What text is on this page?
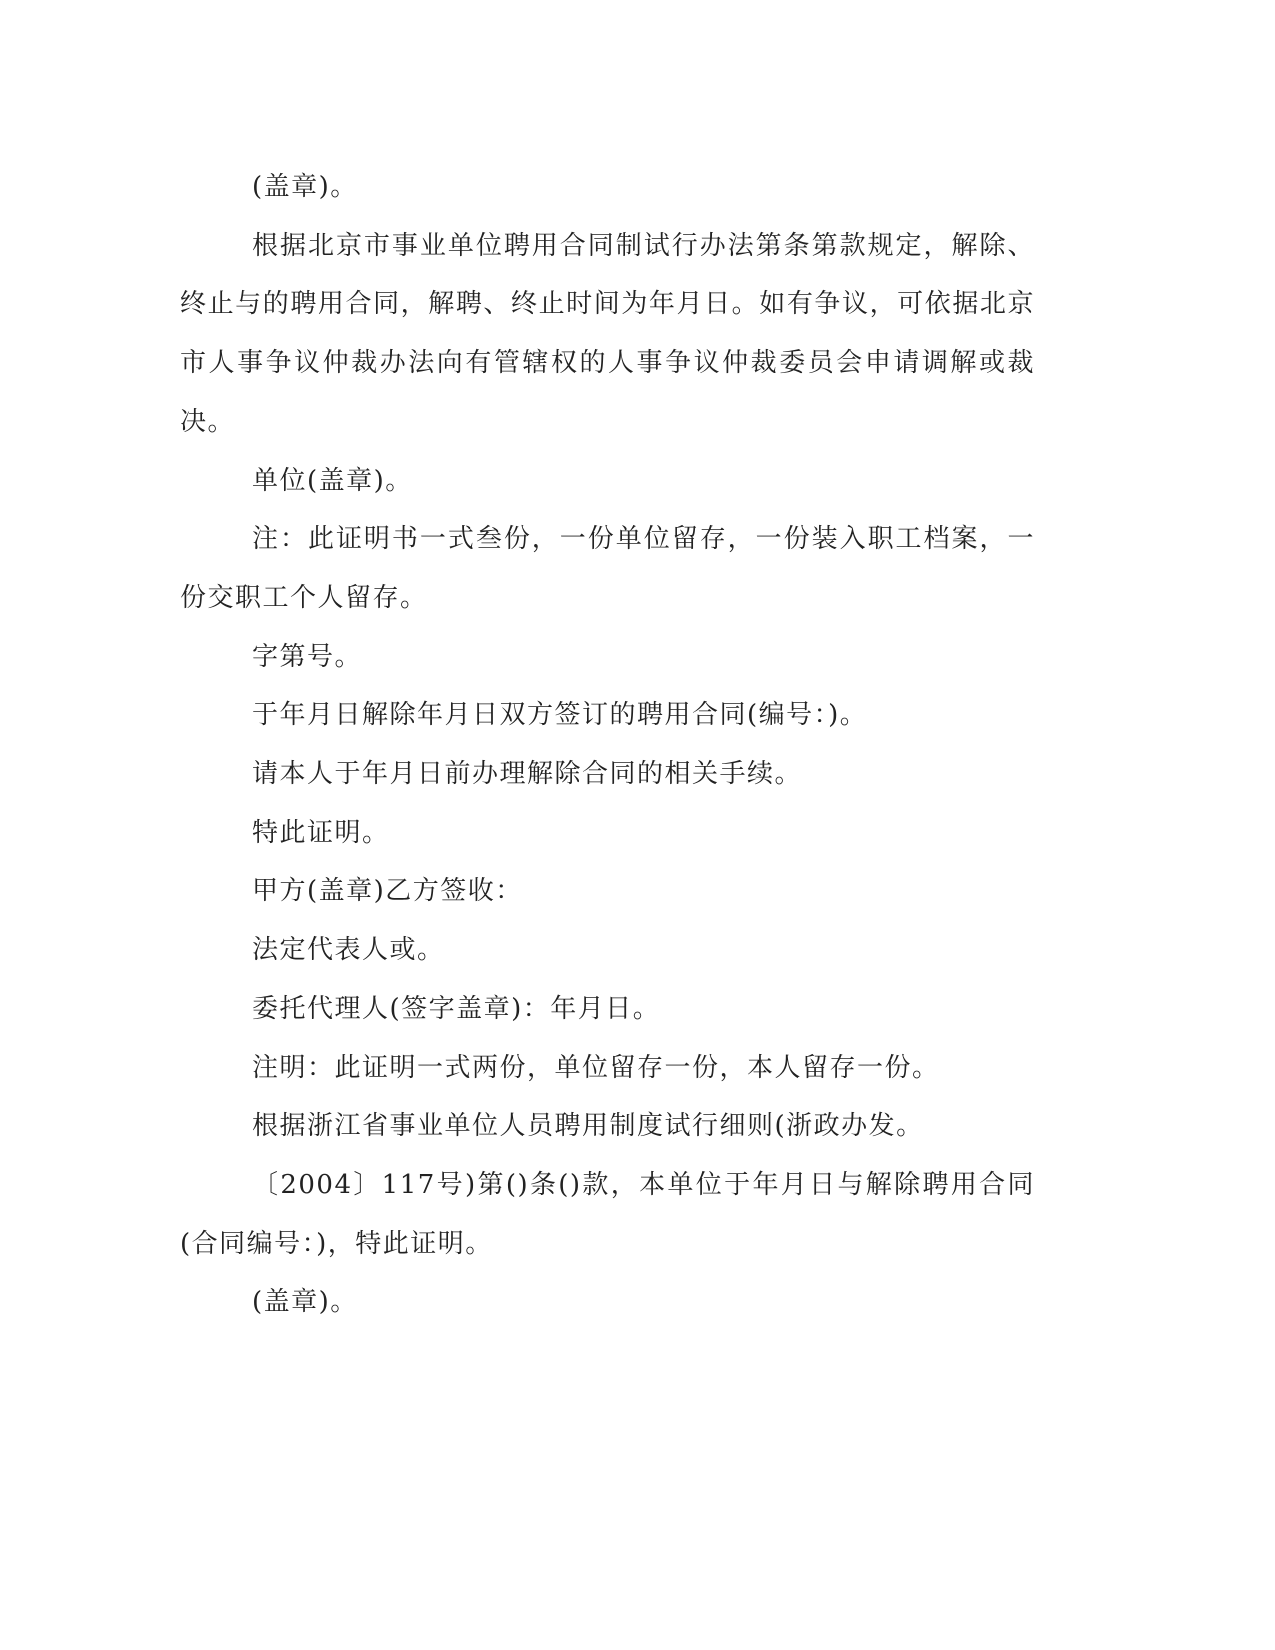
(盖章)。

根据北京市事业单位聘用合同制试行办法第条第款规定，解除、终止与的聘用合同，解聘、终止时间为年月日。如有争议，可依据北京市人事争议仲裁办法向有管辖权的人事争议仲裁委员会申请调解或裁决。

单位(盖章)。

注：此证明书一式叁份，一份单位留存，一份装入职工档案，一份交职工个人留存。

字第号。

于年月日解除年月日双方签订的聘用合同(编号：)。

请本人于年月日前办理解除合同的相关手续。

特此证明。

甲方(盖章)乙方签收：

法定代表人或。

委托代理人(签字盖章)：年月日。

注明：此证明一式两份，单位留存一份，本人留存一份。

根据浙江省事业单位人员聘用制度试行细则(浙政办发。

〔2004〕117号)第()条()款，本单位于年月日与解除聘用合同(合同编号：)，特此证明。

(盖章)。
